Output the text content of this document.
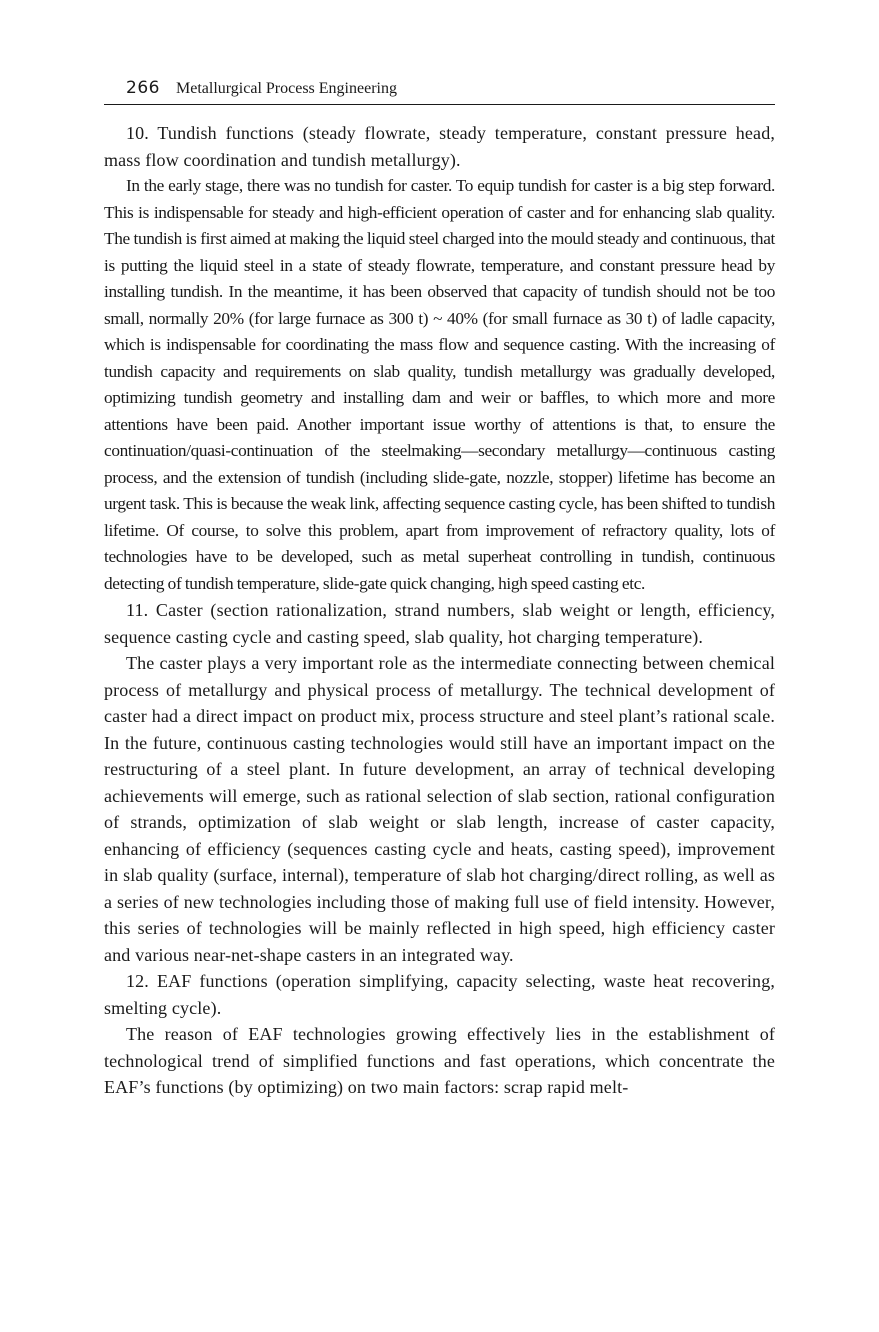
266 Metallurgical Process Engineering

10. Tundish functions (steady flowrate, steady temperature, constant pressure head, mass flow coordination and tundish metallurgy).

In the early stage, there was no tundish for caster. To equip tundish for caster is a big step forward. This is indispensable for steady and high-efficient operation of caster and for enhancing slab quality. The tundish is first aimed at making the liquid steel charged into the mould steady and continuous, that is putting the liquid steel in a state of steady flowrate, temperature, and constant pressure head by installing tundish. In the meantime, it has been observed that capacity of tundish should not be too small, normally 20% (for large furnace as 300 t) ~ 40% (for small furnace as 30 t) of ladle capacity, which is indispensable for coordinating the mass flow and sequence casting. With the increasing of tundish capacity and requirements on slab quality, tundish metallurgy was gradually developed, optimizing tundish geometry and installing dam and weir or baffles, to which more and more attentions have been paid. Another important issue worthy of attentions is that, to ensure the continuation/quasi-continuation of the steelmaking—secondary metallurgy—continuous casting process, and the extension of tundish (including slide-gate, nozzle, stopper) lifetime has become an urgent task. This is because the weak link, affecting sequence casting cycle, has been shifted to tundish lifetime. Of course, to solve this problem, apart from improvement of refractory quality, lots of technologies have to be developed, such as metal superheat controlling in tundish, continuous detecting of tundish temperature, slide-gate quick changing, high speed casting etc.

11. Caster (section rationalization, strand numbers, slab weight or length, efficiency, sequence casting cycle and casting speed, slab quality, hot charging temperature).

The caster plays a very important role as the intermediate connecting between chemical process of metallurgy and physical process of metallurgy. The technical development of caster had a direct impact on product mix, process structure and steel plant’s rational scale. In the future, continuous casting technologies would still have an important impact on the restructuring of a steel plant. In future development, an array of technical developing achievements will emerge, such as rational selection of slab section, rational configuration of strands, optimization of slab weight or slab length, increase of caster capacity, enhancing of efficiency (sequences casting cycle and heats, casting speed), improvement in slab quality (surface, internal), temperature of slab hot charging/direct rolling, as well as a series of new technologies including those of making full use of field intensity. However, this series of technologies will be mainly reflected in high speed, high efficiency caster and various near-net-shape casters in an integrated way.

12. EAF functions (operation simplifying, capacity selecting, waste heat recovering, smelting cycle).

The reason of EAF technologies growing effectively lies in the establishment of technological trend of simplified functions and fast operations, which concentrate the EAF’s functions (by optimizing) on two main factors: scrap rapid melt-
